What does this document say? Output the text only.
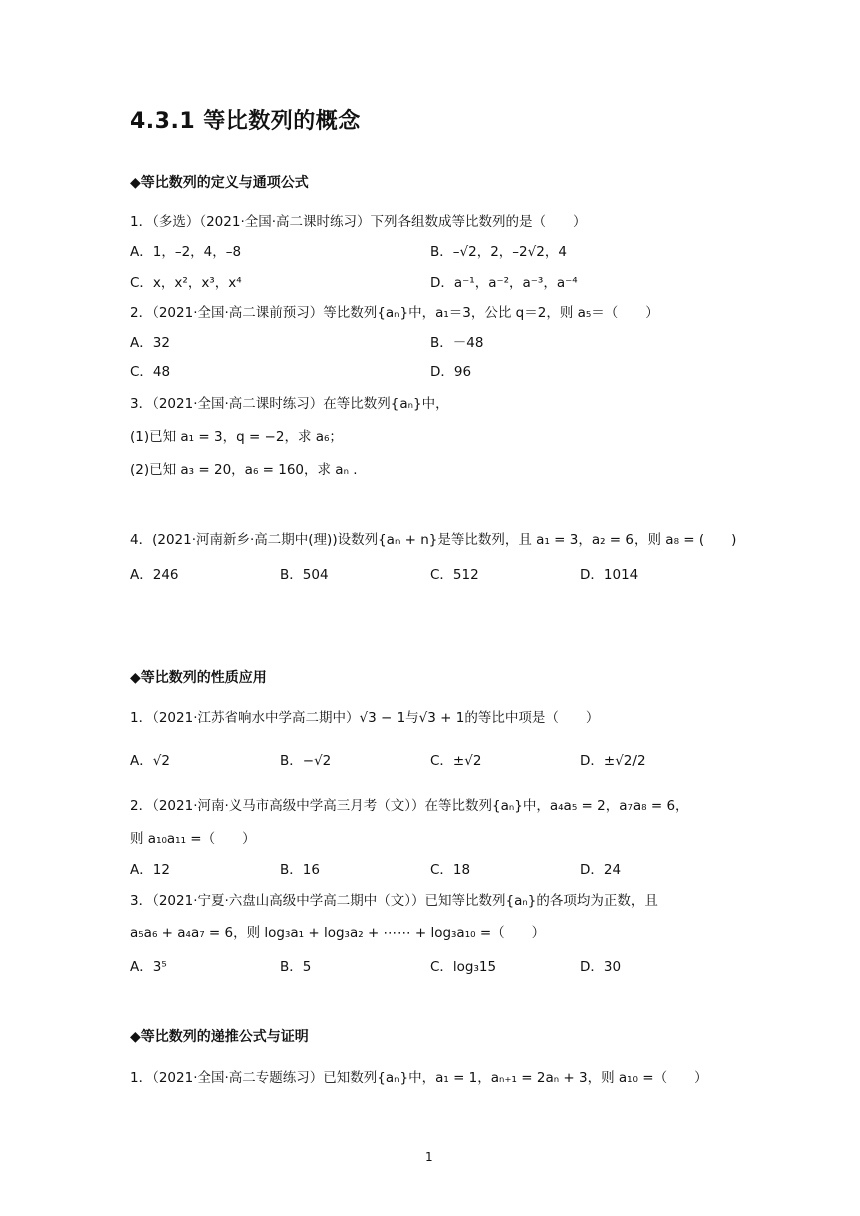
4.3.1 等比数列的概念
◆等比数列的定义与通项公式
1．（多选）（2021·全国·高二课时练习）下列各组数成等比数列的是（　　）
A．1，–2，4，–8	B．–√2，2，–2√2，4
C．x，x²，x³，x⁴	D．a⁻¹，a⁻²，a⁻³，a⁻⁴
2．（2021·全国·高二课前预习）等比数列{aₙ}中，a₁＝3，公比 q＝2，则 a₅＝（　　）
A．32	B．－48
C．48	D．96
3．（2021·全国·高二课时练习）在等比数列{aₙ}中，
(1)已知 a₁ = 3，q = −2，求 a₆；
(2)已知 a₃ = 20，a₆ = 160，求 aₙ .
4．(2021·河南新乡·高二期中(理))设数列{aₙ + n}是等比数列，且 a₁ = 3，a₂ = 6，则 a₈ = (　　)
A．246	B．504	C．512	D．1014
◆等比数列的性质应用
1．（2021·江苏省响水中学高二期中）√3 − 1与√3 + 1的等比中项是（　　）
A．√2	B．−√2	C．±√2	D．±√2/2
2．（2021·河南·义马市高级中学高三月考（文））在等比数列{aₙ}中，a₄a₅ = 2，a₇a₈ = 6，
则 a₁₀a₁₁ =（　　）
A．12	B．16	C．18	D．24
3．（2021·宁夏·六盘山高级中学高二期中（文））已知等比数列{aₙ}的各项均为正数，且
a₅a₆ + a₄a₇ = 6，则 log₃a₁ + log₃a₂ + ⋯⋯ + log₃a₁₀ =（　　）
A．3⁵	B．5	C．log₃15	D．30
◆等比数列的递推公式与证明
1．（2021·全国·高二专题练习）已知数列{aₙ}中，a₁ = 1，aₙ₊₁ = 2aₙ + 3，则 a₁₀ =（　　）
1
